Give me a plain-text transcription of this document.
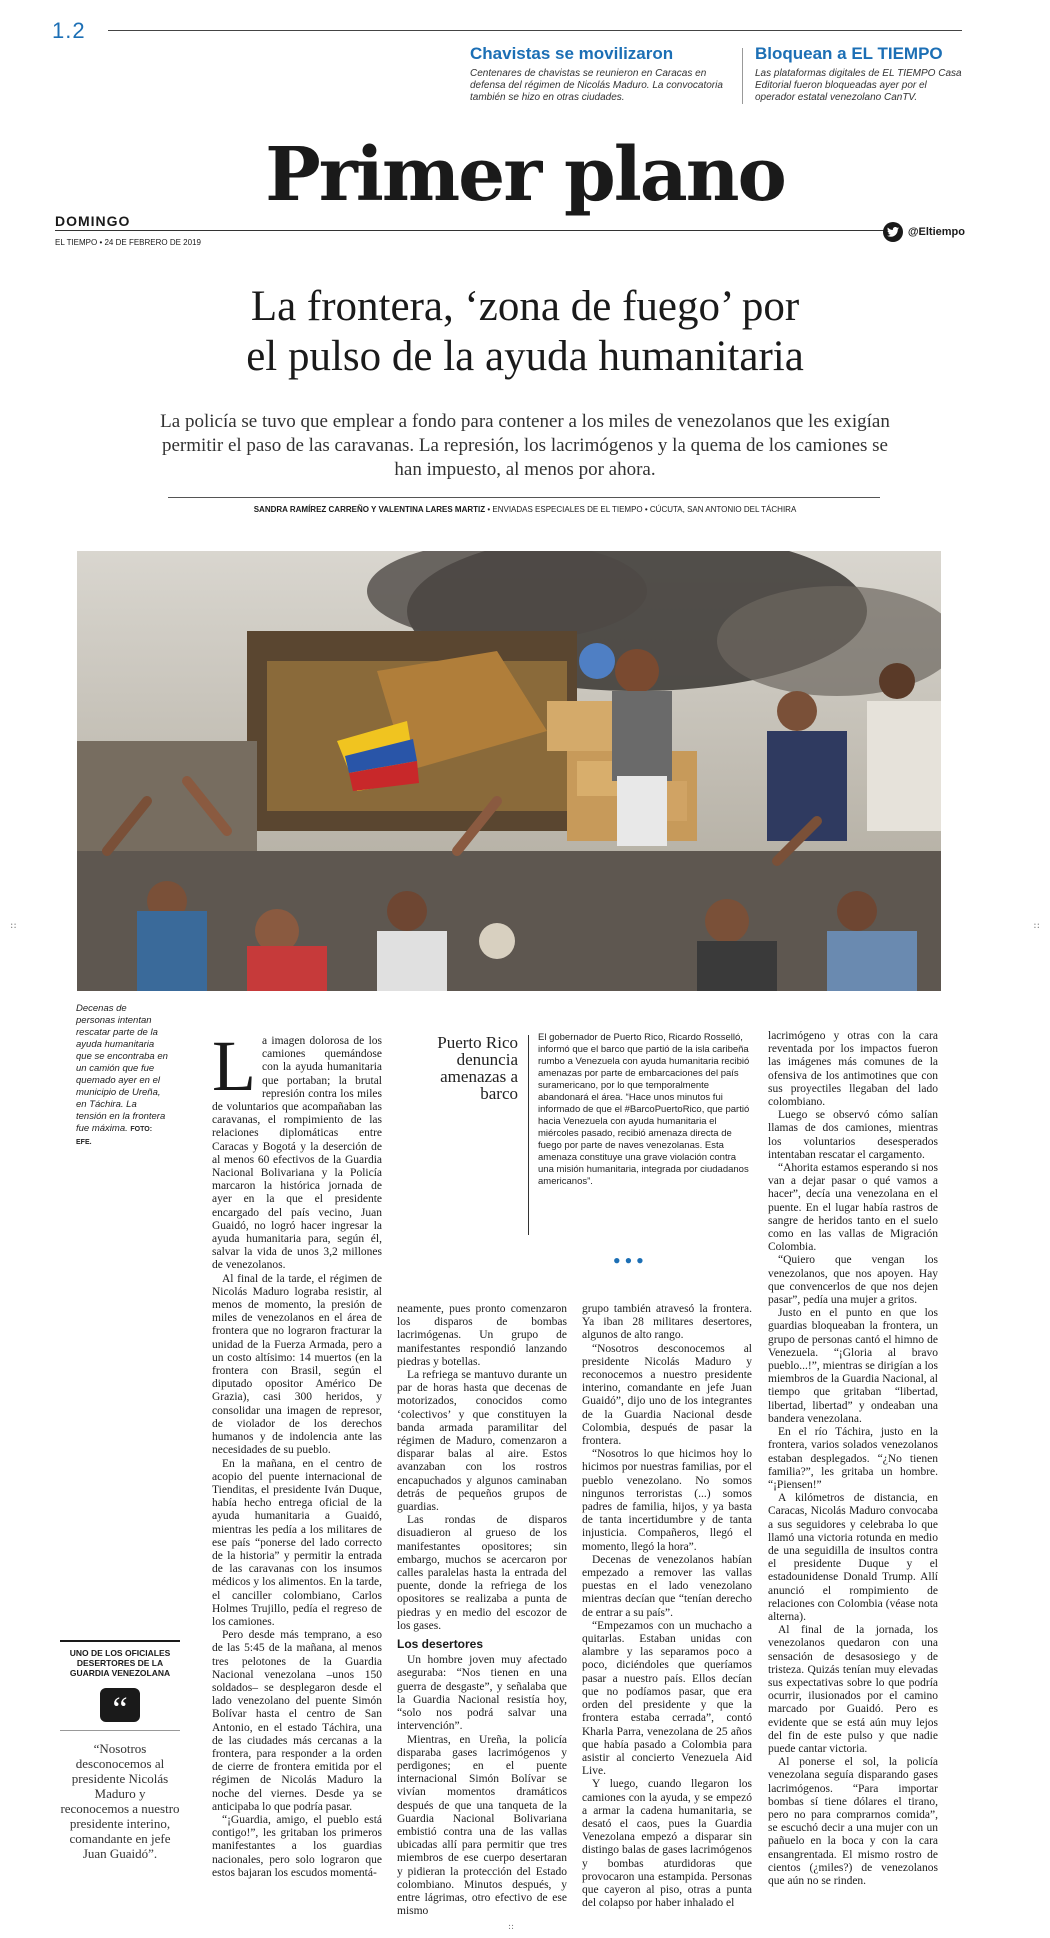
1.2
Chavistas se movilizaron

Centenares de chavistas se reunieron en Caracas en defensa del régimen de Nicolás Maduro. La convocatoria también se hizo en otras ciudades.

Bloquean a EL TIEMPO

Las plataformas digitales de EL TIEMPO Casa Editorial fueron bloqueadas ayer por el operador estatal venezolano CanTV.

Primer plano
DOMINGO
EL TIEMPO • 24 DE FEBRERO DE 2019
@Eltiempo
La frontera, ‘zona de fuego’ por
el pulso de la ayuda humanitaria
La policía se tuvo que emplear a fondo para contener a los miles de venezolanos que les exigían permitir el paso de las caravanas. La represión, los lacrimógenos y la quema de los camiones se han impuesto, al menos por ahora.
SANDRA RAMÍREZ CARREÑO Y VALENTINA LARES MARTIZ • ENVIADAS ESPECIALES DE EL TIEMPO • CÚCUTA, SAN ANTONIO DEL TÁCHIRA
::	::
Decenas de personas intentan rescatar parte de la ayuda humanitaria que se encontraba en un camión que fue quemado ayer en el municipio de Ureña, en Táchira. La tensión en la frontera fue máxima. FOTO: EFE.
L a imagen dolorosa de los camiones quemándose con la ayuda humanitaria que portaban; la brutal represión contra los miles de voluntarios que acompañaban las caravanas, el rompimiento de las relaciones diplomáticas entre Caracas y Bogotá y la deserción de al menos 60 efectivos de la Guardia Nacional Bolivariana y la Policía marcaron la histórica jornada de ayer en la que el presidente encargado del país vecino, Juan Guaidó, no logró hacer ingresar la ayuda humanitaria para, según él, salvar la vida de unos 3,2 millones de venezolanos.

Al final de la tarde, el régimen de Nicolás Maduro lograba resistir, al menos de momento, la presión de miles de venezolanos en el área de frontera que no lograron fracturar la unidad de la Fuerza Armada, pero a un costo altísimo: 14 muertos (en la frontera con Brasil, según el diputado opositor Américo De Grazia), casi 300 heridos, y consolidar una imagen de represor, de violador de los derechos humanos y de indolencia ante las necesidades de su pueblo.

En la mañana, en el centro de acopio del puente internacional de Tienditas, el presidente Iván Duque, había hecho entrega oficial de la ayuda humanitaria a Guaidó, mientras les pedía a los militares de ese país “ponerse del lado correcto de la historia” y permitir la entrada de las caravanas con los insumos médicos y los alimentos. En la tarde, el canciller colombiano, Carlos Holmes Trujillo, pedía el regreso de los camiones.

Pero desde más temprano, a eso de las 5:45 de la mañana, al menos tres pelotones de la Guardia Nacional venezolana –unos 150 soldados– se desplegaron desde el lado venezolano del puente Simón Bolívar hasta el centro de San Antonio, en el estado Táchira, una de las ciudades más cercanas a la frontera, para responder a la orden de cierre de frontera emitida por el régimen de Nicolás Maduro la noche del viernes. Desde ya se anticipaba lo que podría pasar.

“¡Guardia, amigo, el pueblo está contigo!”, les gritaban los primeros manifestantes a los guardias nacionales, pero solo lograron que estos bajaran los escudos momentá-

Puerto Rico denuncia amenazas a barco
El gobernador de Puerto Rico, Ricardo Rosselló, informó que el barco que partió de la isla caribeña rumbo a Venezuela con ayuda humanitaria recibió amenazas por parte de embarcaciones del país suramericano, por lo que temporalmente abandonará el área. “Hace unos minutos fui informado de que el #BarcoPuertoRico, que partió hacia Venezuela con ayuda humanitaria el miércoles pasado, recibió amenaza directa de fuego por parte de naves venezolanas. Esta amenaza constituye una grave violación contra una misión humanitaria, integrada por ciudadanos americanos”.
•••

neamente, pues pronto comenzaron los disparos de bombas lacrimógenas. Un grupo de manifestantes respondió lanzando piedras y botellas.

La refriega se mantuvo durante un par de horas hasta que decenas de motorizados, conocidos como ‘colectivos’ y que constituyen la banda armada paramilitar del régimen de Maduro, comenzaron a disparar balas al aire. Estos avanzaban con los rostros encapuchados y algunos caminaban detrás de pequeños grupos de guardias.

Las rondas de disparos disuadieron al grueso de los manifestantes opositores; sin embargo, muchos se acercaron por calles paralelas hasta la entrada del puente, donde la refriega de los opositores se realizaba a punta de piedras y en medio del escozor de los gases.

Los desertores

Un hombre joven muy afectado aseguraba: “Nos tienen en una guerra de desgaste”, y señalaba que la Guardia Nacional resistía hoy, “solo nos podrá salvar una intervención”.

Mientras, en Ureña, la policía disparaba gases lacrimógenos y perdigones; en el puente internacional Simón Bolívar se vivían momentos dramáticos después de que una tanqueta de la Guardia Nacional Bolivariana embistió contra una de las vallas ubicadas allí para permitir que tres miembros de ese cuerpo desertaran y pidieran la protección del Estado colombiano. Minutos después, y entre lágrimas, otro efectivo de ese mismo

grupo también atravesó la frontera. Ya iban 28 militares desertores, algunos de alto rango.

“Nosotros desconocemos al presidente Nicolás Maduro y reconocemos a nuestro presidente interino, comandante en jefe Juan Guaidó”, dijo uno de los integrantes de la Guardia Nacional desde Colombia, después de pasar la frontera.

“Nosotros lo que hicimos hoy lo hicimos por nuestras familias, por el pueblo venezolano. No somos ningunos terroristas (...) somos padres de familia, hijos, y ya basta de tanta incertidumbre y de tanta injusticia. Compañeros, llegó el momento, llegó la hora”.

Decenas de venezolanos habían empezado a remover las vallas puestas en el lado venezolano mientras decían que “tenían derecho de entrar a su país”.

“Empezamos con un muchacho a quitarlas. Estaban unidas con alambre y las separamos poco a poco, diciéndoles que queríamos pasar a nuestro país. Ellos decían que no podíamos pasar, que era orden del presidente y que la frontera estaba cerrada”, contó Kharla Parra, venezolana de 25 años que había pasado a Colombia para asistir al concierto Venezuela Aid Live.

Y luego, cuando llegaron los camiones con la ayuda, y se empezó a armar la cadena humanitaria, se desató el caos, pues la Guardia Venezolana empezó a disparar sin distingo balas de gases lacrimógenos y bombas aturdidoras que provocaron una estampida. Personas que cayeron al piso, otras a punta del colapso por haber inhalado el

lacrimógeno y otras con la cara reventada por los impactos fueron las imágenes más comunes de la ofensiva de los antimotines que con sus proyectiles llegaban del lado colombiano.

Luego se observó cómo salían llamas de dos camiones, mientras los voluntarios desesperados intentaban rescatar el cargamento.

“Ahorita estamos esperando si nos van a dejar pasar o qué vamos a hacer”, decía una venezolana en el puente. En el lugar había rastros de sangre de heridos tanto en el suelo como en las vallas de Migración Colombia.

“Quiero que vengan los venezolanos, que nos apoyen. Hay que convencerlos de que nos dejen pasar”, pedía una mujer a gritos.

Justo en el punto en que los guardias bloqueaban la frontera, un grupo de personas cantó el himno de Venezuela. “¡Gloria al bravo pueblo...!”, mientras se dirigían a los miembros de la Guardia Nacional, al tiempo que gritaban “libertad, libertad, libertad” y ondeaban una bandera venezolana.

En el río Táchira, justo en la frontera, varios solados venezolanos estaban desplegados. “¿No tienen familia?”, les gritaba un hombre. “¡Piensen!”

A kilómetros de distancia, en Caracas, Nicolás Maduro convocaba a sus seguidores y celebraba lo que llamó una victoria rotunda en medio de una seguidilla de insultos contra el presidente Duque y el estadounidense Donald Trump. Allí anunció el rompimiento de relaciones con Colombia (véase nota alterna).

Al final de la jornada, los venezolanos quedaron con una sensación de desasosiego y de tristeza. Quizás tenían muy elevadas sus expectativas sobre lo que podría ocurrir, ilusionados por el camino marcado por Guaidó. Pero es evidente que se está aún muy lejos del fin de este pulso y que nadie puede cantar victoria.

Al ponerse el sol, la policía venezolana seguía disparando gases lacrimógenos. “Para importar bombas sí tiene dólares el tirano, pero no para comprarnos comida”, se escuchó decir a una mujer con un pañuelo en la boca y con la cara ensangrentada. El mismo rostro de cientos (¿miles?) de venezolanos que aún no se rinden.

UNO DE LOS OFICIALES DESERTORES DE LA GUARDIA VENEZOLANA
“
“Nosotros desconocemos al presidente Nicolás Maduro y reconocemos a nuestro presidente interino, comandante en jefe Juan Guaidó”.
::
